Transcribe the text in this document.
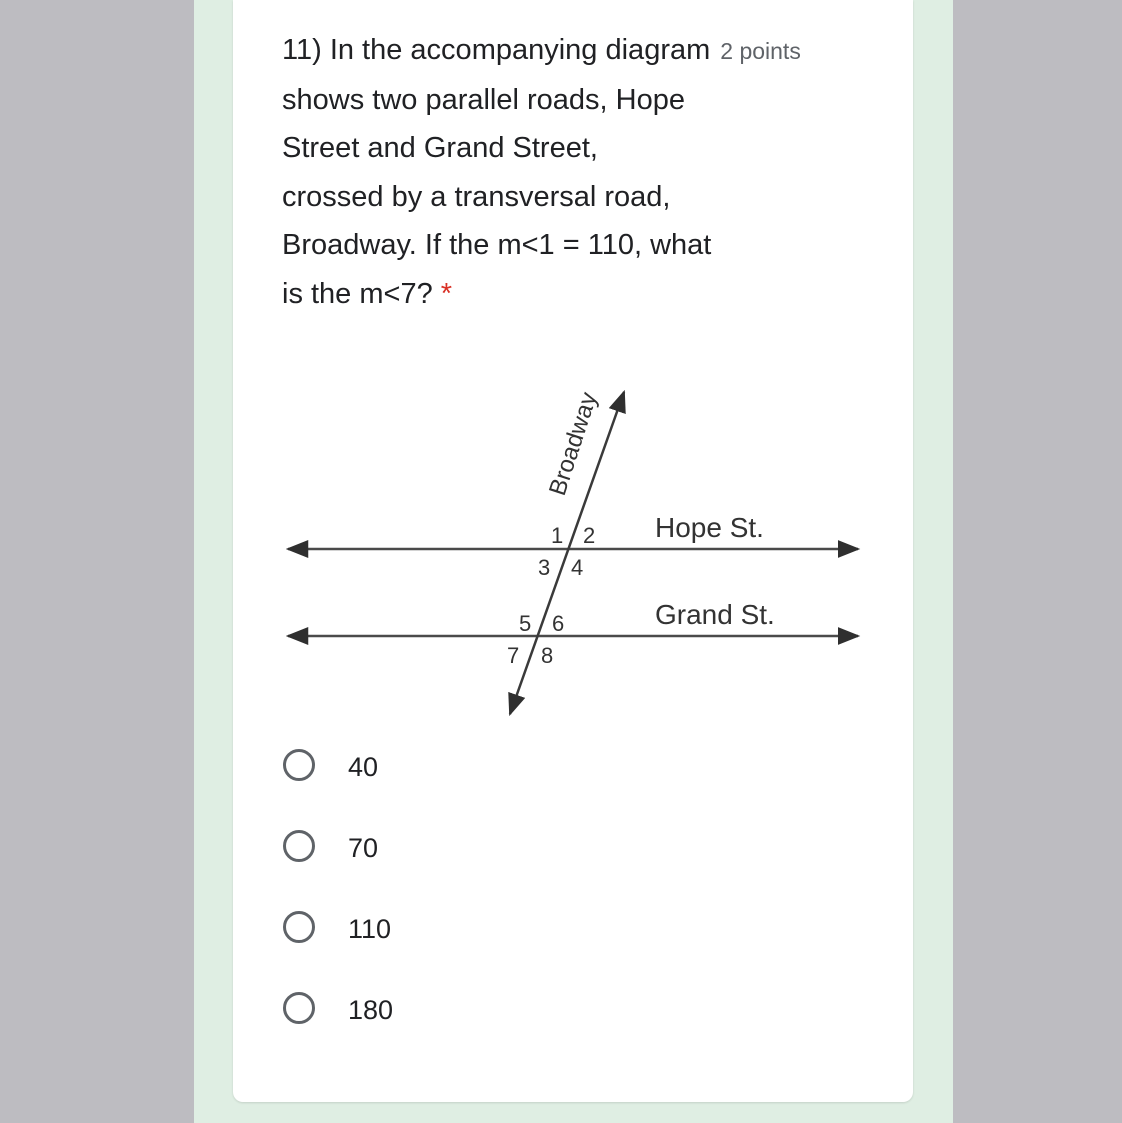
11) In the accompanying diagram 2 points
shows two parallel roads, Hope
Street and Grand Street,
crossed by a transversal road,
Broadway. If the m<1 = 110, what
is the m<7? *
Broadway
Hope St.
Grand St.
1 2
3 4
5 6
7 8
40
70
110
180
